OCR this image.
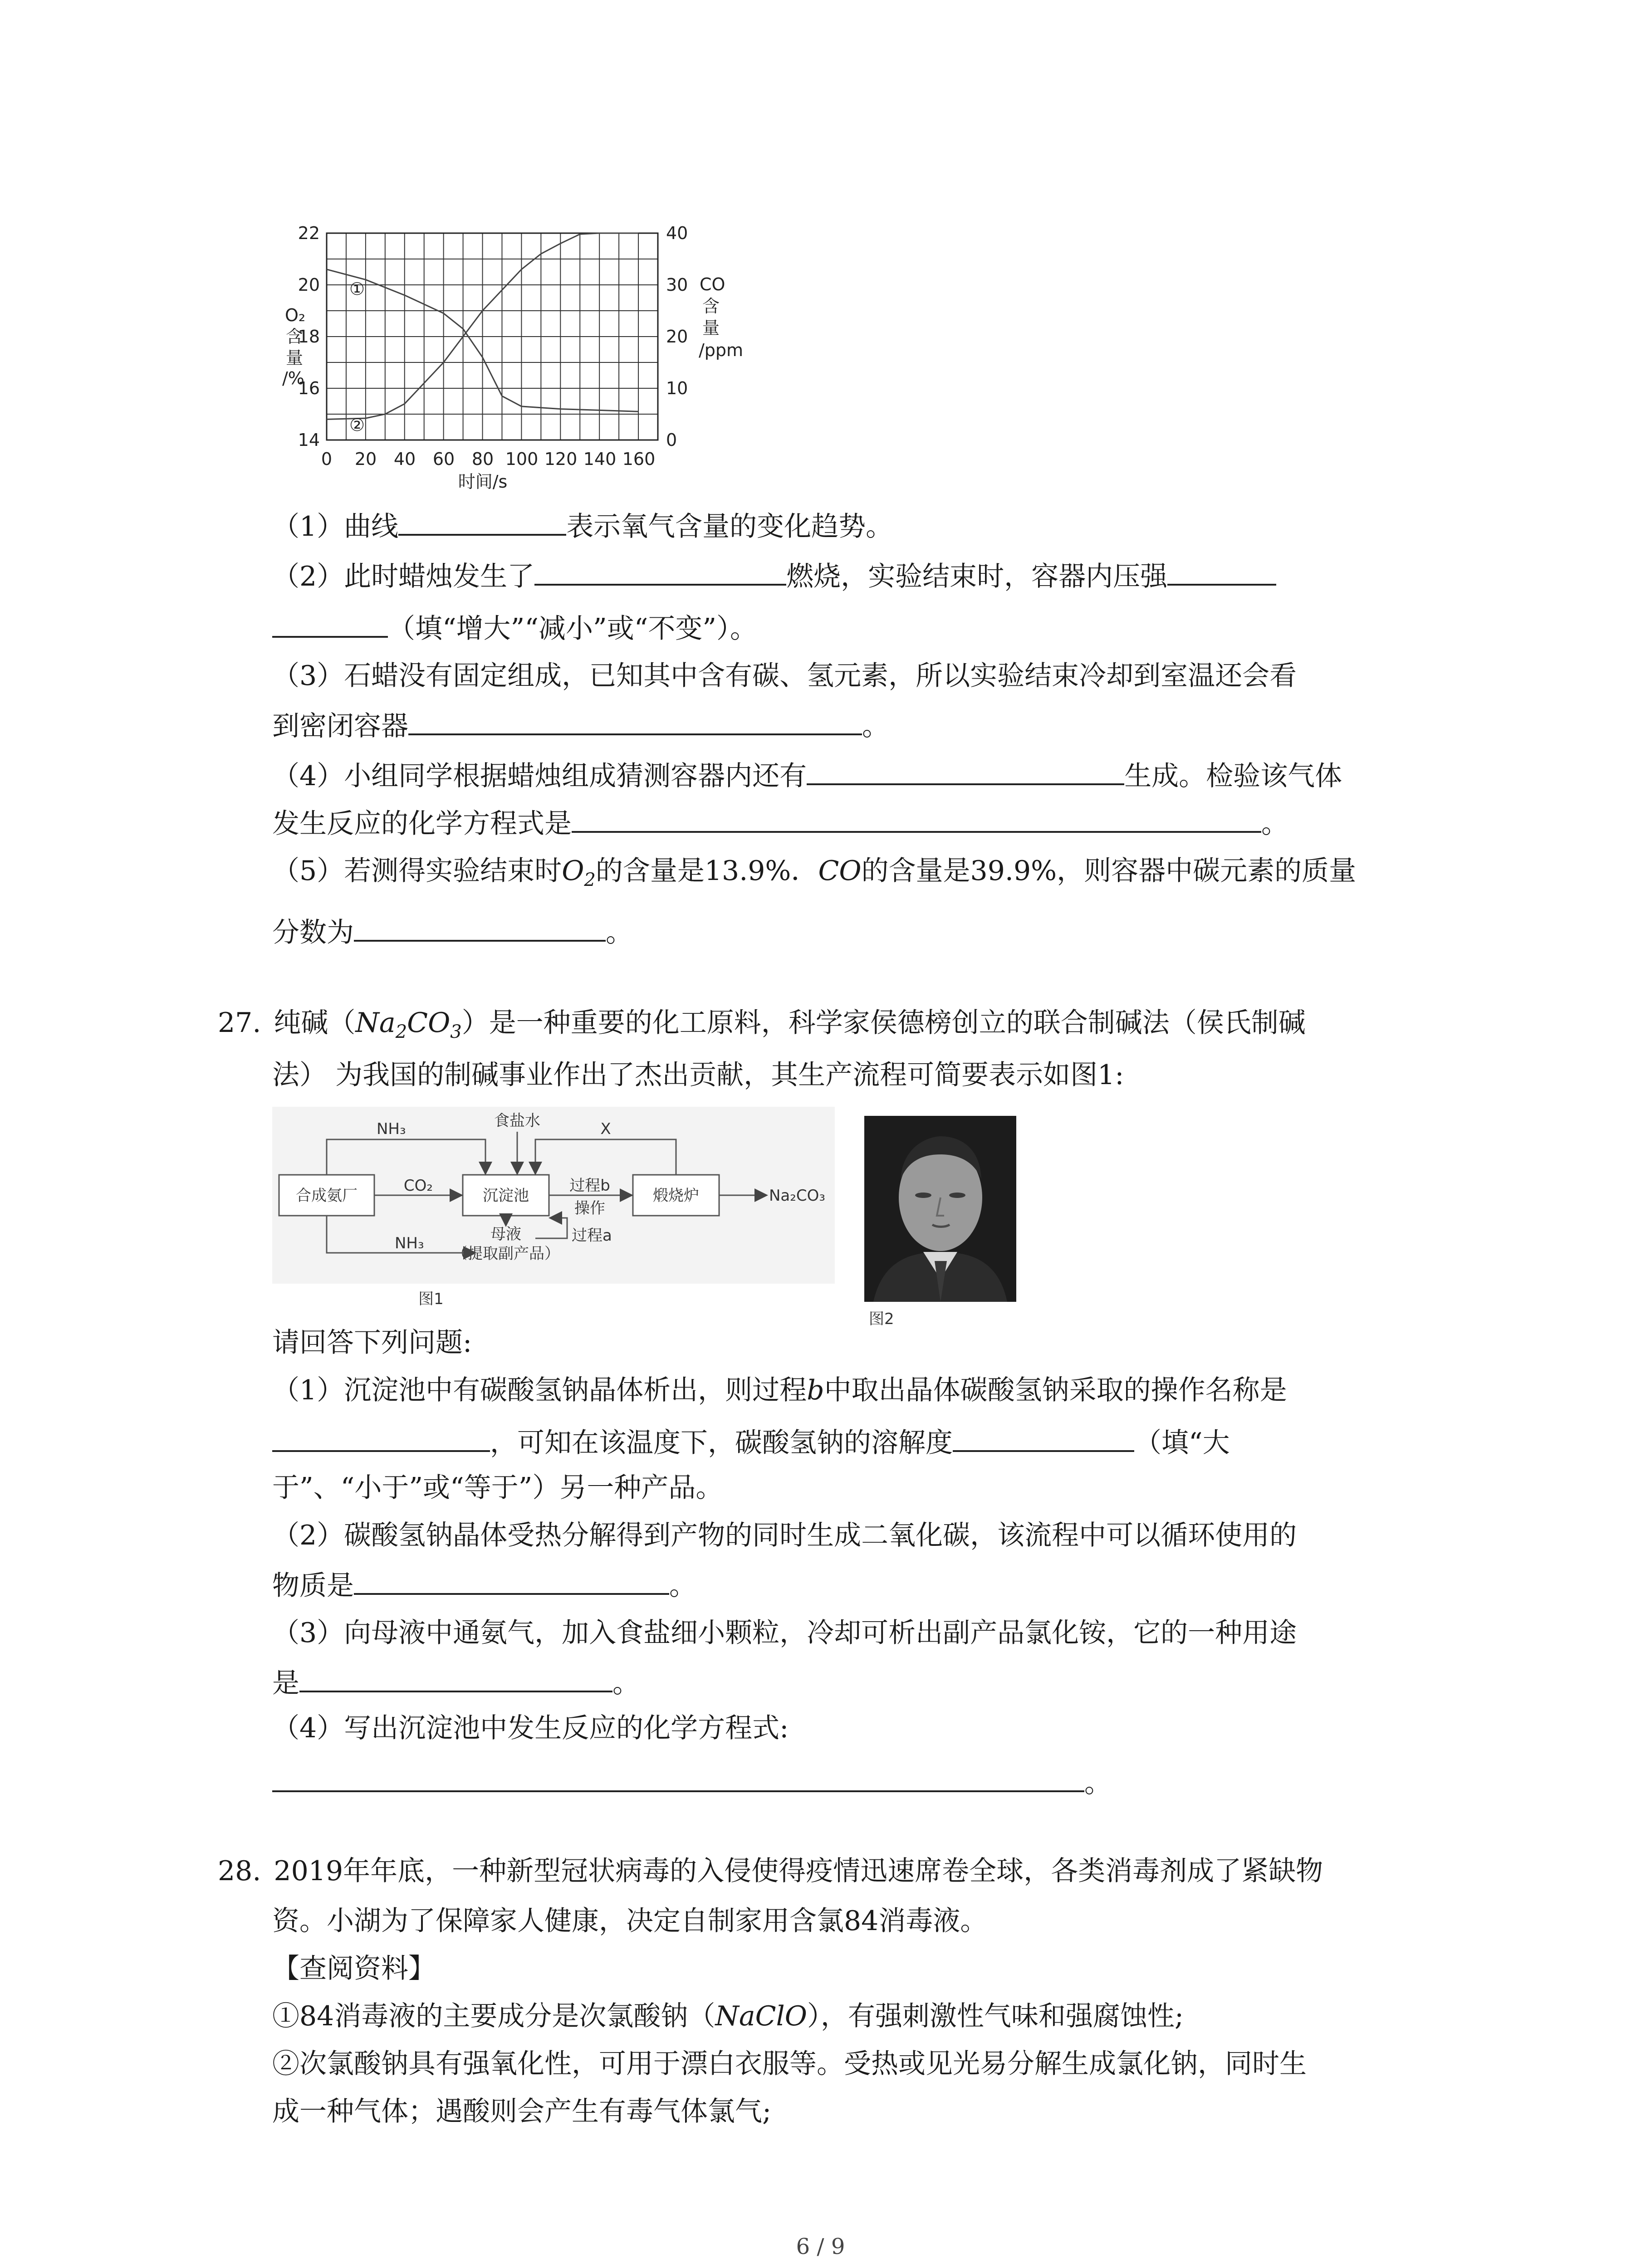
14
16
18
20
22
0
10
20
30
40
0 20 40 60 80 100 120 140 160
时间/s
O₂
含
量
/%
CO
含
量
/ppm
①
②
（1）曲线	表示氧气含量的变化趋势。
（2）此时蜡烛发生了	燃烧，实验结束时，容器内压强
（填“增大”“减小”或“不变”）。
（3）石蜡没有固定组成，已知其中含有碳、氢元素，所以实验结束冷却到室温还会看
到密闭容器	。
（4）小组同学根据蜡烛组成猜测容器内还有	生成。检验该气体
发生反应的化学方程式是	。
（5）若测得实验结束时$O_2$的含量是13.9%．CO的含量是39.9%，则容器中碳元素的质量
分数为	。
27. 纯碱$(Na_2CO_3)$是一种重要的化工原料，科学家侯德榜创立的联合制碱法（侯氏制碱
法） 为我国的制碱事业作出了杰出贡献，其生产流程可简要表示如图1:
合成氨厂	沉淀池	煅烧炉
母液
（提取副产品）
NH₃	食盐水	X
CO₂	过程b
操作
Na₂CO₃
过程a
NH₃
图1
图2
请回答下列问题:
（1）沉淀池中有碳酸氢钠晶体析出，则过程b中取出晶体碳酸氢钠采取的操作名称是
，可知在该温度下，碳酸氢钠的溶解度	（填“大
于”、“小于”或“等于”）另一种产品。
（2）碳酸氢钠晶体受热分解得到产物的同时生成二氧化碳，该流程中可以循环使用的
物质是	。
（3）向母液中通氨气，加入食盐细小颗粒，冷却可析出副产品氯化铵，它的一种用途
是	。
（4）写出沉淀池中发生反应的化学方程式:
。
28. 2019年年底，一种新型冠状病毒的入侵使得疫情迅速席卷全球，各类消毒剂成了紧缺物
资。小湖为了保障家人健康，决定自制家用含氯84消毒液。
【查阅资料】
①84消毒液的主要成分是次氯酸钠（NaClO），有强刺激性气味和强腐蚀性;
②次氯酸钠具有强氧化性，可用于漂白衣服等。受热或见光易分解生成氯化钠，同时生
成一种气体；遇酸则会产生有毒气体氯气;
6 / 9
